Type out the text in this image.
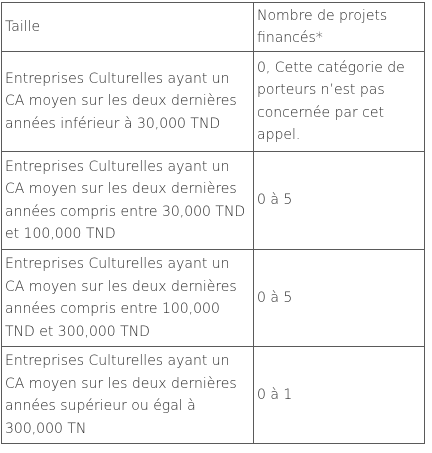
Taille	Nombre de projets financés*
Entreprises Culturelles ayant un CA moyen sur les deux dernières années inférieur à 30,000 TND	0, Cette catégorie de porteurs n’est pas concernée par cet appel.
Entreprises Culturelles ayant un CA moyen sur les deux dernières années compris entre 30,000 TND et 100,000 TND	0 à 5
Entreprises Culturelles ayant un CA moyen sur les deux dernières années compris entre 100,000 TND et 300,000 TND	0 à 5
Entreprises Culturelles ayant un CA moyen sur les deux dernières années supérieur ou égal à 300,000 TN	0 à 1
